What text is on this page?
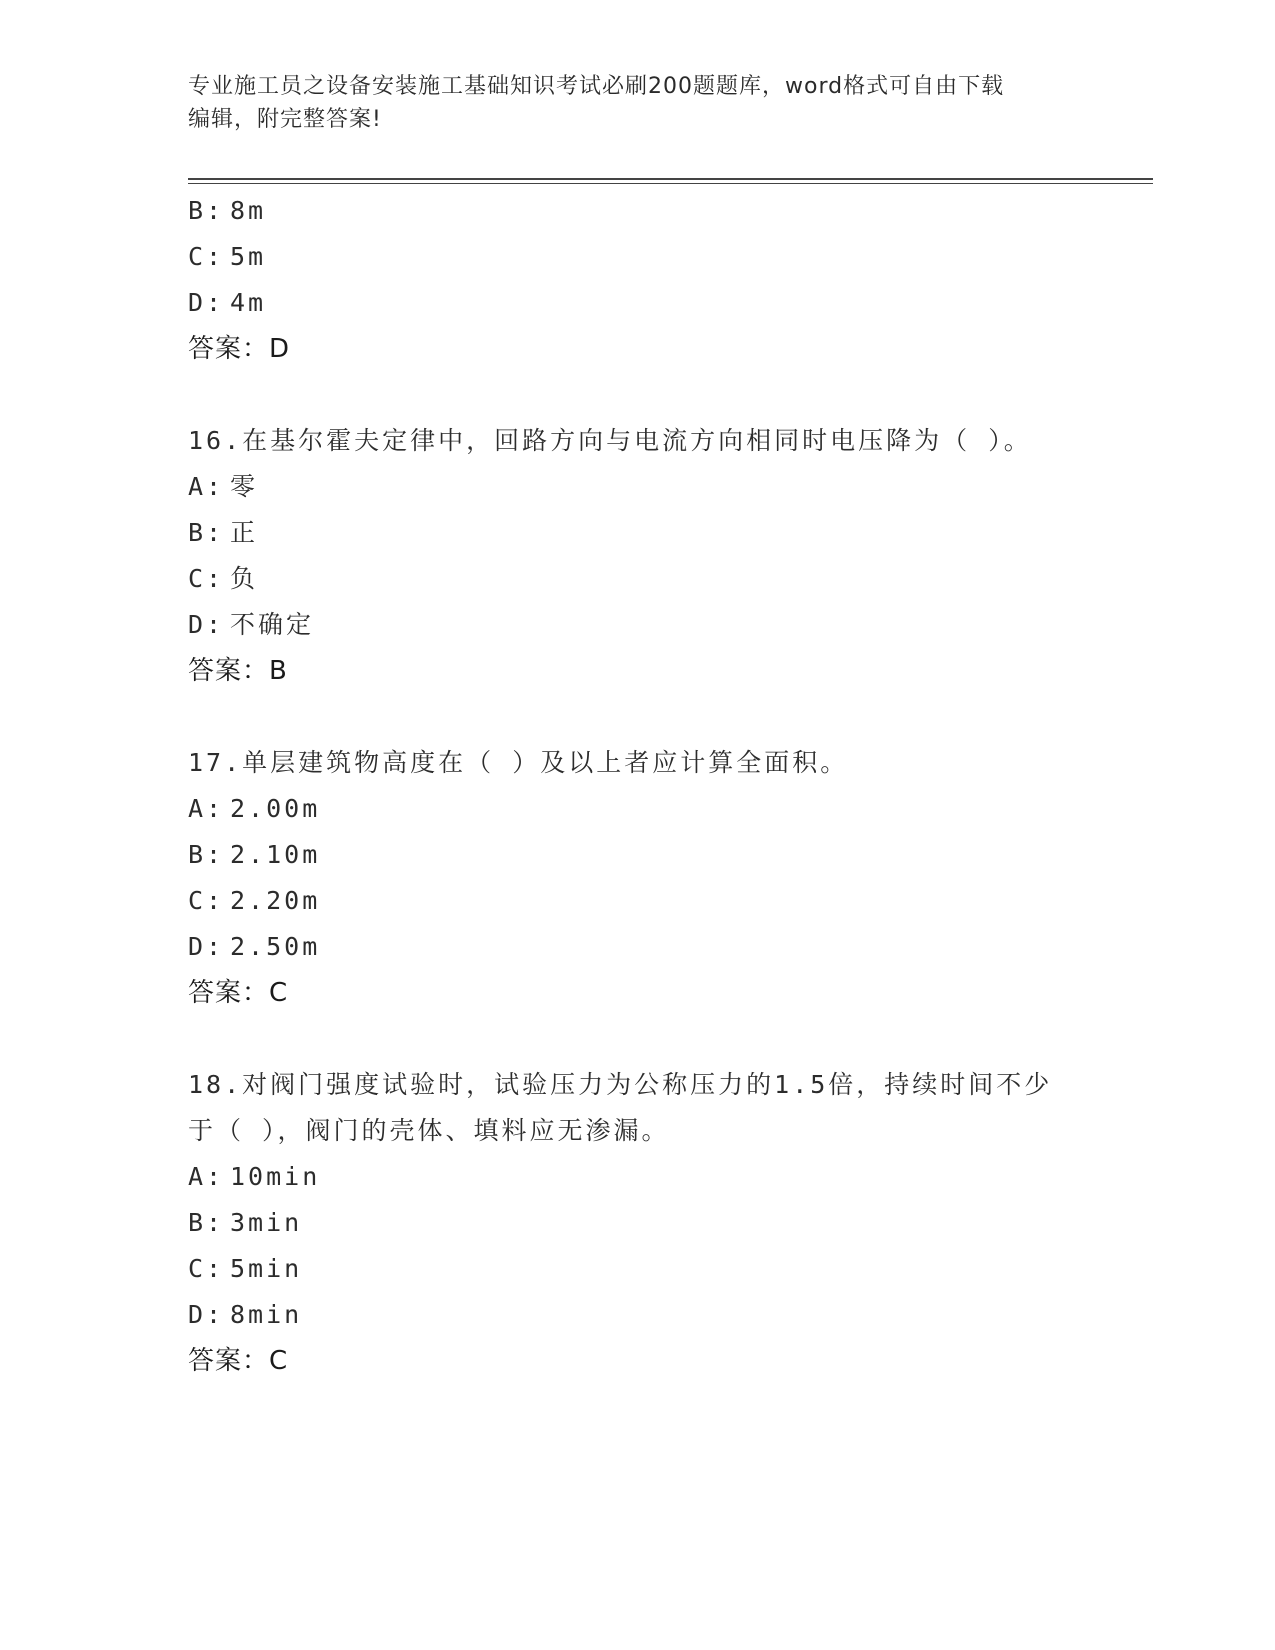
专业施工员之设备安装施工基础知识考试必刷200题题库，word格式可自由下载
编辑，附完整答案!
B: 8m
C: 5m
D: 4m
答案：D
16.在基尔霍夫定律中，回路方向与电流方向相同时电压降为（ ）。
A: 零
B: 正
C: 负
D: 不确定
答案：B
17.单层建筑物高度在（ ）及以上者应计算全面积。
A: 2.00m
B: 2.10m
C: 2.20m
D: 2.50m
答案：C
18.对阀门强度试验时，试验压力为公称压力的1.5倍，持续时间不少
于（ ），阀门的壳体、填料应无渗漏。
A: 10min
B: 3min
C: 5min
D: 8min
答案：C
